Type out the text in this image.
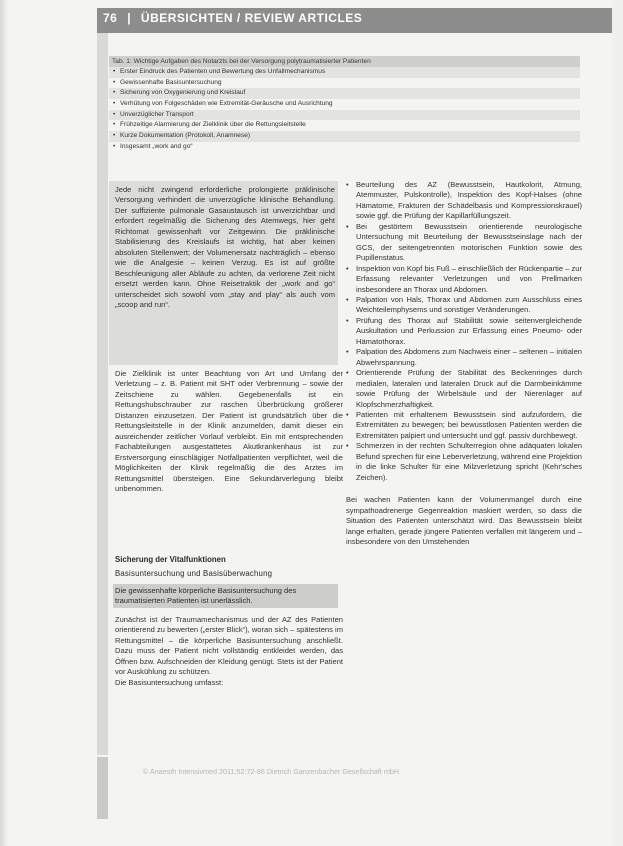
76 | ÜBERSICHTEN / REVIEW ARTICLES
Tab. 1: Wichtige Aufgaben des Notarzts bei der Versorgung polytraumatisierter Patienten
• Erster Eindruck des Patienten und Bewertung des Unfallmechanismus
• Gewissenhafte Basisuntersuchung
• Sicherung von Oxygenierung und Kreislauf
• Verhütung von Folgeschäden wie Extremität-Geräusche und Ausrichtung
• Unverzüglicher Transport
• Frühzeitige Alarmierung der Zielklinik über die Rettungsleitstelle
• Kurze Dokumentation (Protokoll, Anamnese)
• Insgesamt „work and go“
Jede nicht zwingend erforderliche prolongierte präklinische Versorgung verhindert die unverzügliche klinische Behandlung. Der suffiziente pulmonale Gasaustausch ist unverzichtbar und erfordert regelmäßig die Sicherung des Atemwegs, hier geht Richtomat gewissenhaft vor Zeitgewinn. Die präklinische Stabilisierung des Kreislaufs ist wichtig, hat aber keinen absoluten Stellenwert; der Volumenersatz nachträglich – ebenso wie die Analgesie – keinen Verzug. Es ist auf größte Beschleunigung aller Abläufe zu achten, da verlorene Zeit nicht ersetzt werden kann. Ohne Reisetraktik der „work and go“ unterscheidet sich sowohl vom „stay and play“ als auch vom „scoop and run“.

Die Zielklinik ist unter Beachtung von Art und Umfang der Verletzung – z. B. Patient mit SHT oder Verbrennung – sowie der Zeitschiene zu wählen. Gegebenenfalls ist ein Rettungshubschrauber zur raschen Überbrückung größerer Distanzen einzusetzen. Der Patient ist grundsätzlich über die Rettungsleitstelle in der Klinik anzumelden, damit dieser ein ausreichender zeitlicher Vorlauf verbleibt. Ein mit entsprechenden Fachabteilungen ausgestattetes Akutkrankenhaus ist zur Erstversorgung einschlägiger Notfallpatienten verpflichtet, weil die Möglichkeiten der Klinik regelmäßig die des Arztes im Rettungsmittel übersteigen. Eine Sekundärverlegung bleibt unbenommen.

Sicherung der Vitalfunktionen
Basisuntersuchung und Basisüberwachung
Die gewissenhafte körperliche Basisuntersuchung des traumatisierten Patienten ist unerlässlich.

Zunächst ist der Traumamechanismus und der AZ des Patienten orientierend zu bewerten („erster Blick“), woran sich – spätestens im Rettungsmittel – die körperliche Basisuntersuchung anschließt. Dazu muss der Patient nicht vollständig entkleidet werden, das Öffnen bzw. Aufschneiden der Kleidung genügt. Stets ist der Patient vor Auskühlung zu schützen.

Die Basisuntersuchung umfasst:

• Beurteilung des AZ (Bewusstsein, Hautkolorit, Atmung, Atemmuster, Pulskontrolle), Inspektion des Kopf-Halses (ohne Hämatome, Frakturen der Schädelbasis und Kompressionskrauel) sowie ggf. die Prüfung der Kapillarfüllungszeit.
• Bei gestörtem Bewusstsein orientierende neurologische Untersuchung mit Beurteilung der Bewusstseinslage nach der GCS, der seitengetrennten motorischen Funktion sowie des Pupillenstatus.
• Inspektion von Kopf bis Fuß – einschließlich der Rückenpartie – zur Erfassung relevanter Verletzungen und von Prellmarken insbesondere an Thorax und Abdomen.
• Palpation von Hals, Thorax und Abdomen zum Ausschluss eines Weichteilemphysems und sonstiger Veränderungen.
• Prüfung des Thorax auf Stabilität sowie seitenvergleichende Auskultation und Perkussion zur Erfassung eines Pneumo- oder Hämatothorax.
• Palpation des Abdomens zum Nachweis einer – seltenen – initialen Abwehrspannung.
• Orientierende Prüfung der Stabilität des Beckenringes durch medialen, lateralen und lateralen Druck auf die Darmbeinkämme sowie Prüfung der Wirbelsäule und der Nierenlager auf Klopfschmerzhaftigkeit.
• Patienten mit erhaltenem Bewusstsein sind aufzufordern, die Extremitäten zu bewegen; bei bewusstlosen Patienten werden die Extremitäten palpiert und untersucht und ggf. passiv durchbewegt.
• Schmerzen in der rechten Schulterregion ohne adäquaten lokalen Befund sprechen für eine Leberverletzung, während eine Projektion in die linke Schulter für eine Milzverletzung spricht (Kehr'sches Zeichen).

Bei wachen Patienten kann der Volumenmangel durch eine sympathoadrenerge Gegenreaktion maskiert werden, so dass die Situation des Patienten unterschätzt wird. Das Bewusstsein bleibt lange erhalten, gerade jüngere Patienten verfallen mit längerem und – insbesondere von den Umstehenden

© Anaesth Intensivmed 2011;52:72-86 Dietrich Ganzenbacher Gesellschaft mbH
